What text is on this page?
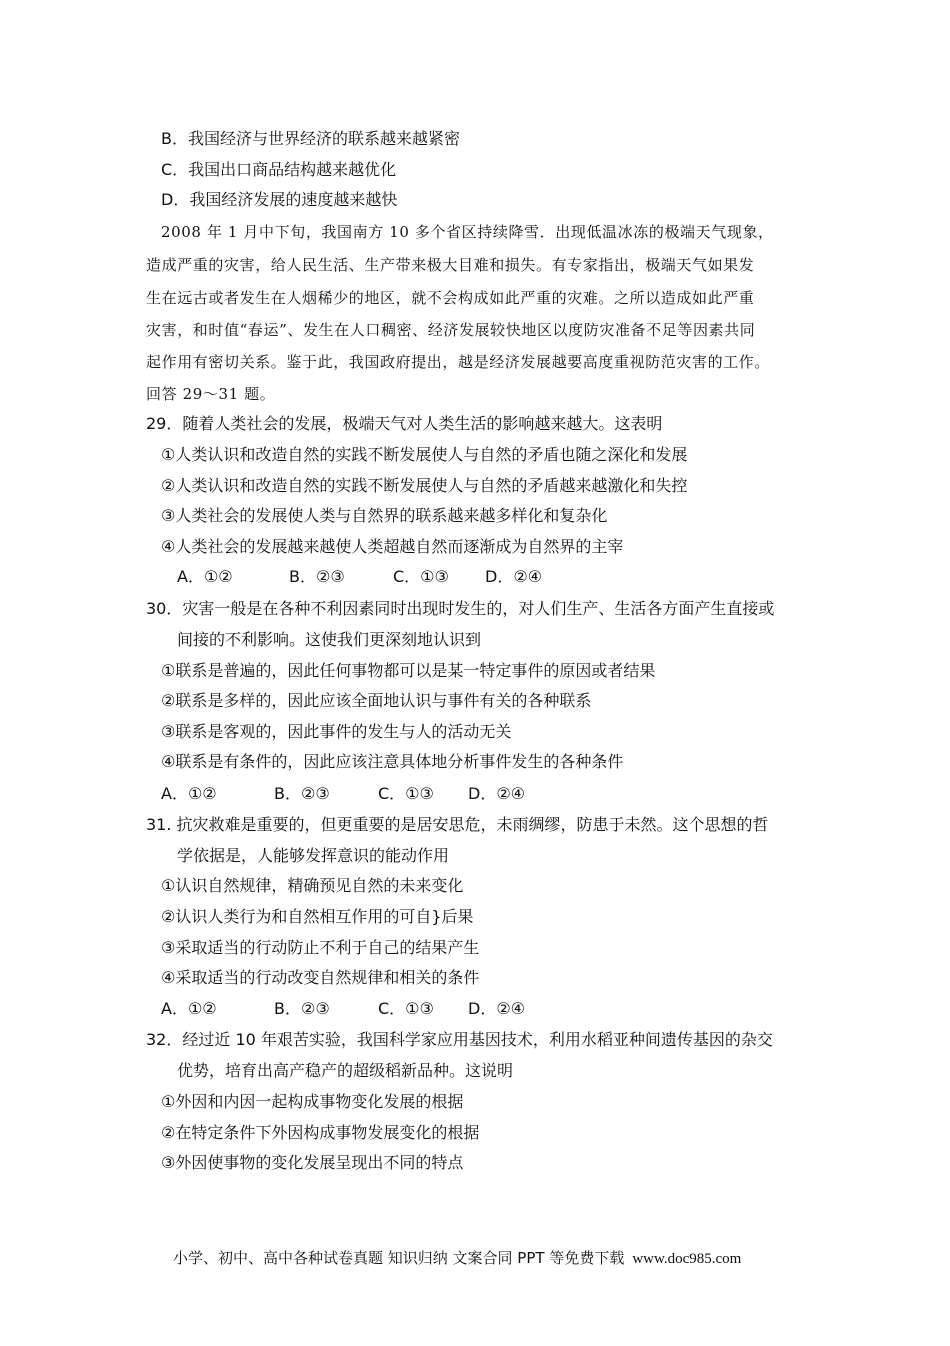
B．我国经济与世界经济的联系越来越紧密
C．我国出口商品结构越来越优化
D．我国经济发展的速度越来越快
2008 年 1 月中下旬，我国南方 10 多个省区持续降雪．出现低温冰冻的极端天气现象，
造成严重的灾害，给人民生活、生产带来极大目难和损失。有专家指出，极端天气如果发
生在远古或者发生在人烟稀少的地区，就不会构成如此严重的灾难。之所以造成如此严重
灾害，和时值“春运”、发生在人口稠密、经济发展较快地区以度防灾准备不足等因素共同
起作用有密切关系。鉴于此，我国政府提出，越是经济发展越要高度重视防范灾害的工作。
回答 29～31 题。
29．随着人类社会的发展，极端天气对人类生活的影响越来越大。这表明
①人类认识和改造自然的实践不断发展使人与自然的矛盾也随之深化和发展
②人类认识和改造自然的实践不断发展使人与自然的矛盾越来越激化和失控
③人类社会的发展使人类与自然界的联系越来越多样化和复杂化
④人类社会的发展越来越使人类超越自然而逐渐成为自然界的主宰
A．①②	B．②③	C．①③ D．②④
30．灾害一般是在各种不利因素同时出现时发生的，对人们生产、生活各方面产生直接或
间接的不利影响。这使我们更深刻地认识到
①联系是普遍的，因此任何事物都可以是某一特定事件的原因或者结果
②联系是多样的，因此应该全面地认识与事件有关的各种联系
③联系是客观的，因此事件的发生与人的活动无关
④联系是有条件的，因此应该注意具体地分析事件发生的各种条件
A．①②	B．②③	C．①③ D．②④
31. 抗灾救难是重要的，但更重要的是居安思危，未雨绸缪，防患于未然。这个思想的哲
学依据是，人能够发挥意识的能动作用
①认识自然规律，精确预见自然的未来变化
②认识人类行为和自然相互作用的可自}后果
③采取适当的行动防止不利于自己的结果产生
④采取适当的行动改变自然规律和相关的条件
A．①②	B．②③	C．①③ D．②④
32．经过近 10 年艰苦实验，我国科学家应用基因技术，利用水稻亚种间遗传基因的杂交
优势，培育出高产稳产的超级稻新品种。这说明
①外因和内因一起构成事物变化发展的根据
②在特定条件下外因构成事物发展变化的根据
③外因使事物的变化发展呈现出不同的特点
小学、初中、高中各种试卷真题 知识归纳 文案合同 PPT 等免费下载 www.doc985.com
